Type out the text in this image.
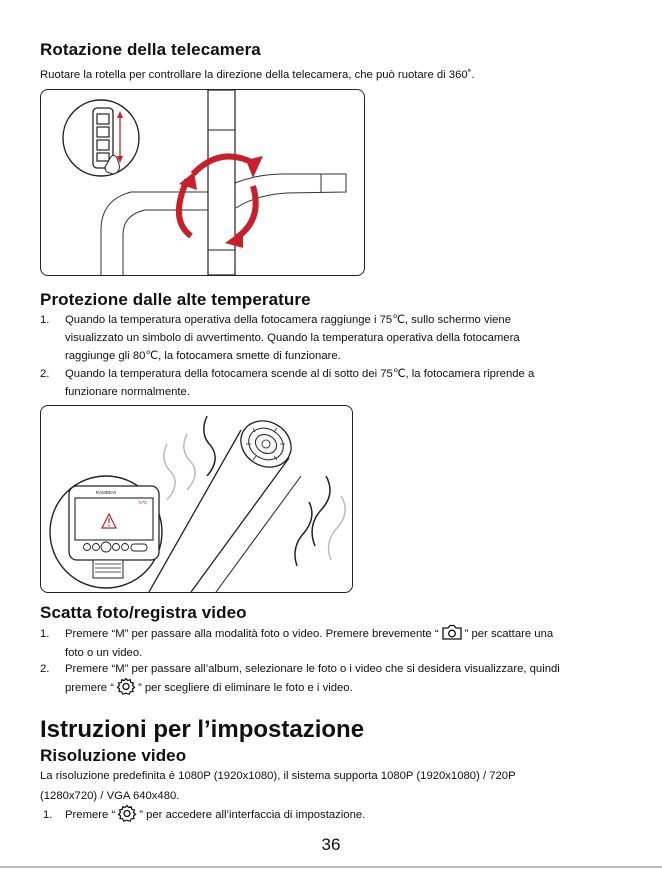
Rotazione della telecamera

Ruotare la rotella per controllare la direzione della telecamera, che può ruotare di 360˚.

Protezione dalle alte temperature
1. Quando la temperatura operativa della fotocamera raggiunge i 75℃, sullo schermo viene
visualizzato un simbolo di avvertimento. Quando la temperatura operativa della fotocamera
raggiunge gli 80℃, la fotocamera smette di funzionare.
2. Quando la temperatura della fotocamera scende al di sotto dei 75℃, la fotocamera riprende a
funzionare normalmente.
RAMDEVI
75℃
Scatta foto/registra video
1. Premere “M” per passare alla modalità foto o video. Premere brevemente “ ” per scattare una
foto o un video.
2. Premere “M” per passare all’album, selezionare le foto o i video che si desidera visualizzare, quindi
premere “ ” per scegliere di eliminare le foto e i video.
Istruzioni per l’impostazione
Risoluzione video

La risoluzione predefinita è 1080P (1920x1080), il sistema supporta 1080P (1920x1080) / 720P

(1280x720) / VGA 640x480.

1. Premere “ ” per accedere all’interfaccia di impostazione.
36
